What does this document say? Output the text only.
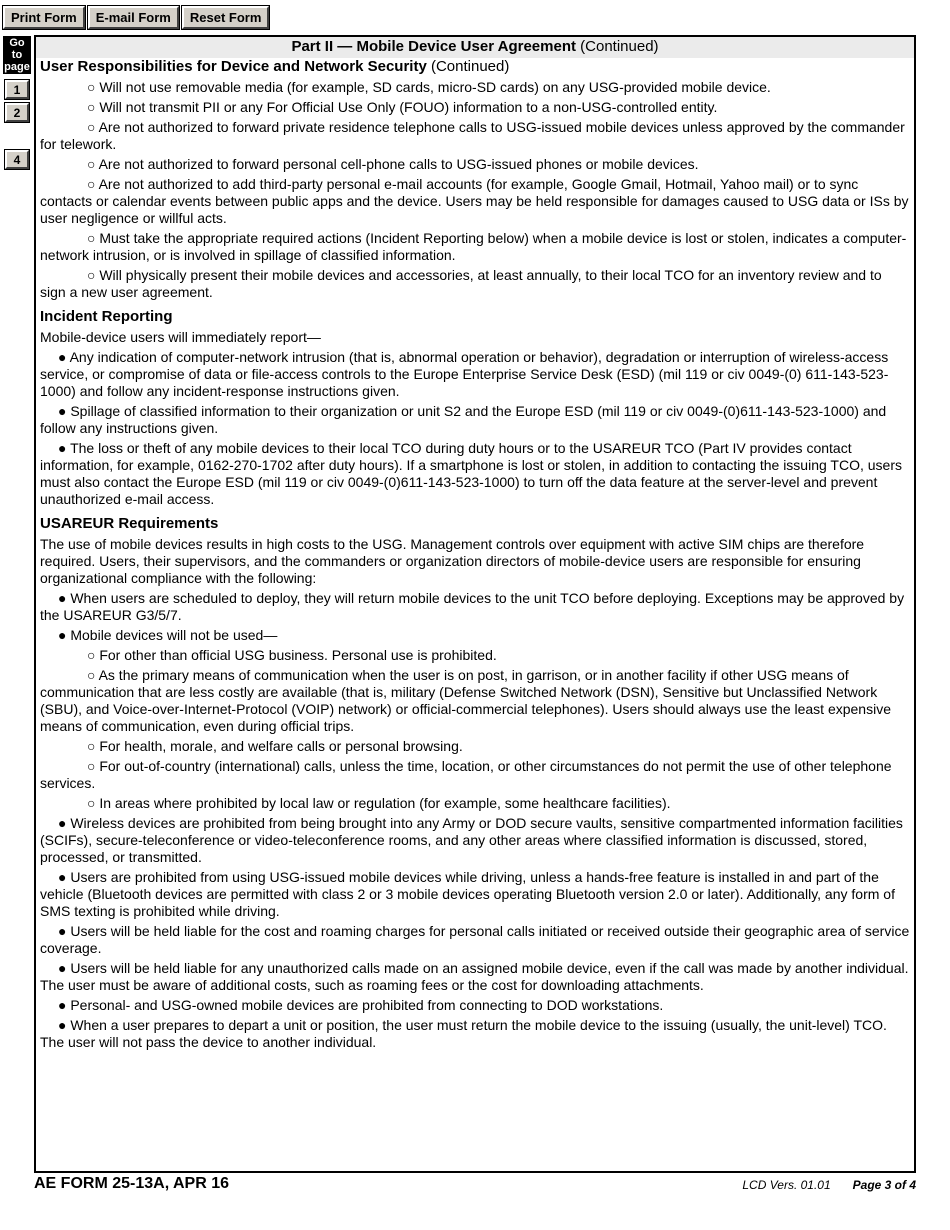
Print Form	E-mail Form	Reset Form
Go
to
page
1
2
4
Part II — Mobile Device User Agreement (Continued)
User Responsibilities for Device and Network Security (Continued)

○ Will not use removable media (for example, SD cards, micro-SD cards) on any USG-provided mobile device.

○ Will not transmit PII or any For Official Use Only (FOUO) information to a non-USG-controlled entity.

○ Are not authorized to forward private residence telephone calls to USG-issued mobile devices unless approved by the commander for telework.

○ Are not authorized to forward personal cell-phone calls to USG-issued phones or mobile devices.

○ Are not authorized to add third-party personal e-mail accounts (for example, Google Gmail, Hotmail, Yahoo mail) or to sync contacts or calendar events between public apps and the device. Users may be held responsible for damages caused to USG data or ISs by user negligence or willful acts.

○ Must take the appropriate required actions (Incident Reporting below) when a mobile device is lost or stolen, indicates a computer-network intrusion, or is involved in spillage of classified information.

○ Will physically present their mobile devices and accessories, at least annually, to their local TCO for an inventory review and to sign a new user agreement.

Incident Reporting

Mobile-device users will immediately report—

● Any indication of computer-network intrusion (that is, abnormal operation or behavior), degradation or interruption of wireless-access service, or compromise of data or file-access controls to the Europe Enterprise Service Desk (ESD) (mil 119 or civ 0049-(0) 611-143-523-1000) and follow any incident-response instructions given.

● Spillage of classified information to their organization or unit S2 and the Europe ESD (mil 119 or civ 0049-(0)611-143-523-1000) and follow any instructions given.

● The loss or theft of any mobile devices to their local TCO during duty hours or to the USAREUR TCO (Part IV provides contact information, for example, 0162-270-1702 after duty hours). If a smartphone is lost or stolen, in addition to contacting the issuing TCO, users must also contact the Europe ESD (mil 119 or civ 0049-(0)611-143-523-1000) to turn off the data feature at the server-level and prevent unauthorized e-mail access.

USAREUR Requirements

The use of mobile devices results in high costs to the USG. Management controls over equipment with active SIM chips are therefore required. Users, their supervisors, and the commanders or organization directors of mobile-device users are responsible for ensuring organizational compliance with the following:

● When users are scheduled to deploy, they will return mobile devices to the unit TCO before deploying. Exceptions may be approved by the USAREUR G3/5/7.

● Mobile devices will not be used—

○ For other than official USG business. Personal use is prohibited.

○ As the primary means of communication when the user is on post, in garrison, or in another facility if other USG means of communication that are less costly are available (that is, military (Defense Switched Network (DSN), Sensitive but Unclassified Network (SBU), and Voice-over-Internet-Protocol (VOIP) network) or official-commercial telephones). Users should always use the least expensive means of communication, even during official trips.

○ For health, morale, and welfare calls or personal browsing.

○ For out-of-country (international) calls, unless the time, location, or other circumstances do not permit the use of other telephone services.

○ In areas where prohibited by local law or regulation (for example, some healthcare facilities).

● Wireless devices are prohibited from being brought into any Army or DOD secure vaults, sensitive compartmented information facilities (SCIFs), secure-teleconference or video-teleconference rooms, and any other areas where classified information is discussed, stored, processed, or transmitted.

● Users are prohibited from using USG-issued mobile devices while driving, unless a hands-free feature is installed in and part of the vehicle (Bluetooth devices are permitted with class 2 or 3 mobile devices operating Bluetooth version 2.0 or later). Additionally, any form of SMS texting is prohibited while driving.

● Users will be held liable for the cost and roaming charges for personal calls initiated or received outside their geographic area of service coverage.

● Users will be held liable for any unauthorized calls made on an assigned mobile device, even if the call was made by another individual. The user must be aware of additional costs, such as roaming fees or the cost for downloading attachments.

● Personal- and USG-owned mobile devices are prohibited from connecting to DOD workstations.

● When a user prepares to depart a unit or position, the user must return the mobile device to the issuing (usually, the unit-level) TCO. The user will not pass the device to another individual.

AE FORM 25-13A, APR 16	LCD Vers. 01.01 Page 3 of 4
